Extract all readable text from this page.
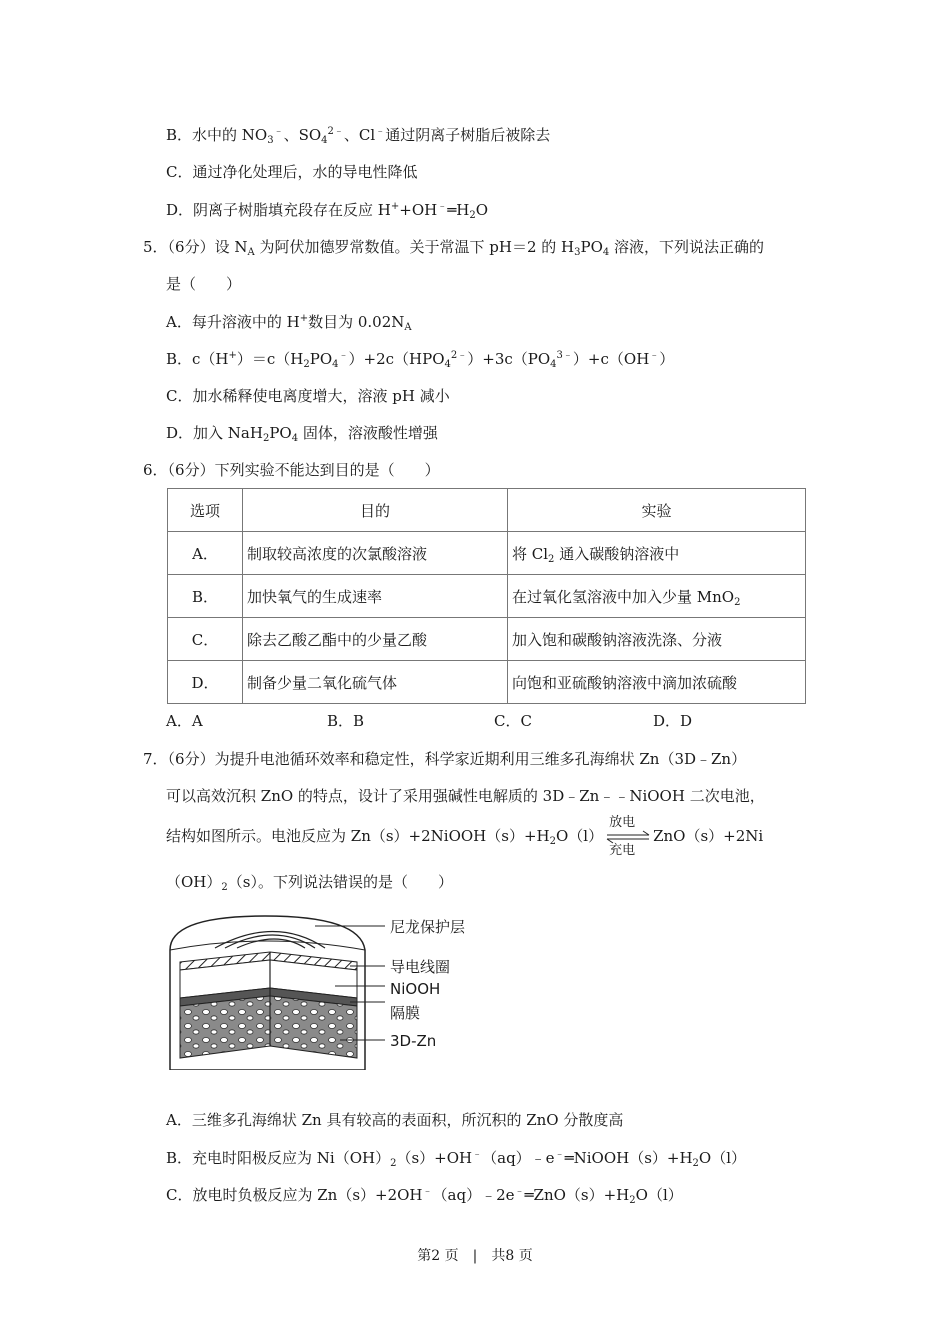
B．水中的 $NO_3^﹣$、$SO_4^{2﹣}$、Cl﹣通过阴离子树脂后被除去
C．通过净化处理后，水的导电性降低
D．阴离子树脂填充段存在反应 $H^++OH^﹣═H_2O$
5．（6分）设 $N_A$ 为阿伏加德罗常数值。关于常温下 pH＝2 的 $H_3PO_4$ 溶液，下列说法正确的
是（　　）
A．每升溶液中的 H+数目为 $0.02N_A$
B．$c(H^+)=c(H_2PO_4^﹣)+2c(HPO_4^{2﹣})+3c(PO_4^{3﹣})+c(OH^﹣)$
C．加水稀释使电离度增大，溶液 pH 减小
D．加入 $NaH_2PO_4$ 固体，溶液酸性增强
6．（6分）下列实验不能达到目的是（　　）
选项	目的	实验
A．	制取较高浓度的次氯酸溶液	将 $Cl_2$ 通入碳酸钠溶液中
B．	加快氧气的生成速率	在过氧化氢溶液中加入少量 MnO$_2$
C．	除去乙酸乙酯中的少量乙酸	加入饱和碳酸钠溶液洗涤、分液
D．	制备少量二氧化硫气体	向饱和亚硫酸钠溶液中滴加浓硫酸
A．A	B．B	C．C	D．D
7．（6分）为提升电池循环效率和稳定性，科学家近期利用三维多孔海绵状 Zn（3D﹣Zn）
可以高效沉积 ZnO 的特点，设计了采用强碱性电解质的 3D﹣Zn﹣﹣NiOOH 二次电池，
结构如图所示。电池反应为 $Zn(s)+2NiOOH(s)+H_2O(l)$
放电
充电
ZnO（s）+2Ni
$(OH)_2(s)$。下列说法错误的是（　　）
尼龙保护层
导电线圈
NiOOH
隔膜
3D-Zn
A．三维多孔海绵状 Zn 具有较高的表面积，所沉积的 ZnO 分散度高
B．充电时阳极反应为 $Ni(OH)_2(s)+OH^﹣(aq)﹣e^﹣═NiOOH(s)+H_2O(l)$
C．放电时负极反应为 $Zn(s)+2OH^﹣(aq)﹣2e^﹣═ZnO(s)+H_2O(l)$
第2 页　|　共8 页
